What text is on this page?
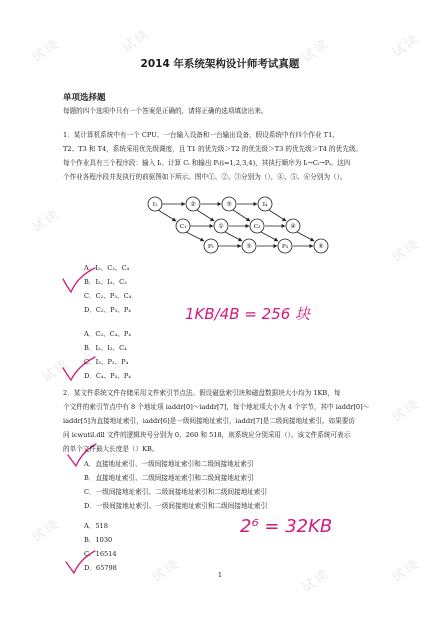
试读	试读	试读	试读
试读
试读
试读
试读
试读
试读	试读	试读
2014 年系统架构设计师考试真题
单项选择题
每题的四个选项中只有一个答案是正确的，请将正确的选项填涂出来。
1．某计算机系统中有一个 CPU、一台输入设备和一台输出设备，假设系统中有四个作业 T1、
T2、T3 和 T4，系统采用优先级调度，且 T1 的优先级＞T2 的优先级＞T3 的优先级＞T4 的优先级。
每个作业具有三个程序段：输入 Iᵢ、计算 Cᵢ 和输出 Pᵢ(i=1,2,3,4)，其执行顺序为 Iᵢ→Cᵢ→Pᵢ。这四
个作业各程序段并发执行的前驱图如下所示。图中①、②、③分别为（），④、⑤、⑥分别为（）。
I₁	②	③	I₄
C₁	①	C₃	④
P₁	⑤	P₃	⑥
A．I₂、C₂、C₄
B．I₂、I₃、C₂
C．C₂、P₃、C₄
D．C₂、P₃、P₄	1KB/4B = 256 块
A．C₂、C₄、P₄
B．I₂、I₃、C₄
C．I₃、P₃、P₄
D．C₄、P₃、P₄
2．某文件系统文件存储采用文件索引节点法。假设磁盘索引块和磁盘数据块大小均为 1KB，每
个文件的索引节点中有 8 个地址项 iaddr[0]～iaddr[7]，每个地址项大小为 4 个字节，其中 iaddr[0]～
iaddr[5]为直接地址索引，iaddr[6]是一级间接地址索引，iaddr[7]是二级间接地址索引。如果要访
问 icwutil.dll 文件的逻辑块号分别为 0、260 和 518，则系统应分别采用（）。该文件系统可表示
的单个文件最大长度是（）KB。
A．直接地址索引、一级间接地址索引和二级间接地址索引
B．直接地址索引、二级间接地址索引和二级间接地址索引
C．一级间接地址索引、二级间接地址索引和二级间接地址索引
D．一级间接地址索引、一级间接地址索引和二级间接地址索引
A．518
B．1030
C．16514
D．65798
2⁶ = 32KB
1
